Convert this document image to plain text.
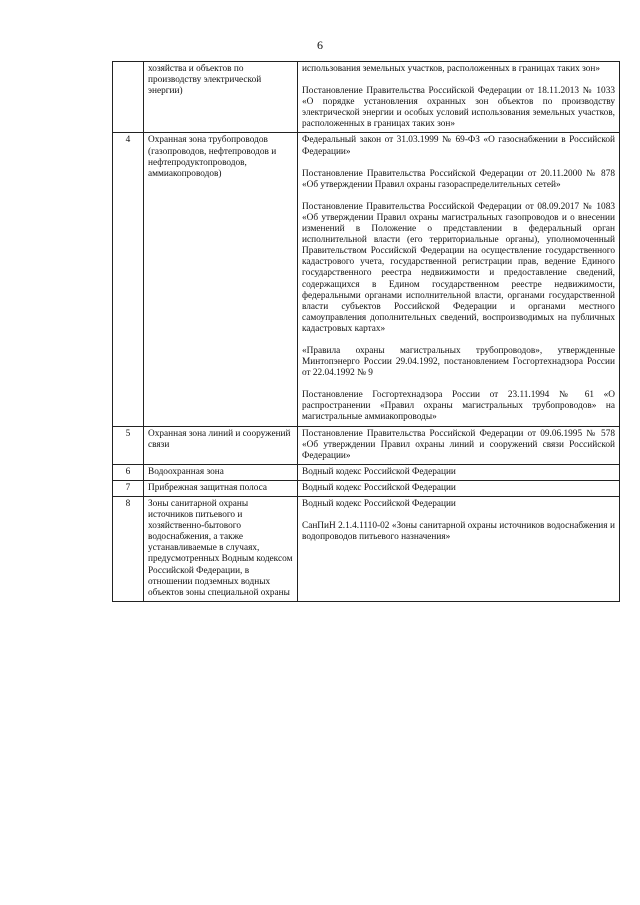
6
	хозяйства и объектов по производству электрической энергии)	использования земельных участков, расположенных в границах таких зон»
Постановление Правительства Российской Федерации от 18.11.2013 № 1033 «О порядке установления охранных зон объектов по производству электрической энергии и особых условий использования земельных участков, расположенных в границах таких зон»

4	Охранная зона трубопроводов (газопроводов, нефтепроводов и нефтепродуктопроводов, аммиакопроводов)	Федеральный закон от 31.03.1999 № 69-ФЗ «О газоснабжении в Российской Федерации»
Постановление Правительства Российской Федерации от 20.11.2000 № 878 «Об утверждении Правил охраны газораспределительных сетей»
Постановление Правительства Российской Федерации от 08.09.2017 № 1083 «Об утверждении Правил охраны магистральных газопроводов и о внесении изменений в Положение о представлении в федеральный орган исполнительной власти (его территориальные органы), уполномоченный Правительством Российской Федерации на осуществление государственного кадастрового учета, государственной регистрации прав, ведение Единого государственного реестра недвижимости и предоставление сведений, содержащихся в Едином государственном реестре недвижимости, федеральными органами исполнительной власти, органами государственной власти субъектов Российской Федерации и органами местного самоуправления дополнительных сведений, воспроизводимых на публичных кадастровых картах»
«Правила охраны магистральных трубопроводов», утвержденные Минтопэнерго России 29.04.1992, постановлением Госгортехнадзора России от 22.04.1992 № 9
Постановление Госгортехнадзора России от 23.11.1994 № 61 «О распространении «Правил охраны магистральных трубопроводов» на магистральные аммиакопроводы»

5	Охранная зона линий и сооружений связи	Постановление Правительства Российской Федерации от 09.06.1995 № 578 «Об утверждении Правил охраны линий и сооружений связи Российской Федерации»

6	Водоохранная зона	Водный кодекс Российской Федерации

7	Прибрежная защитная полоса	Водный кодекс Российской Федерации

8	Зоны санитарной охраны источников питьевого и хозяйственно-бытового водоснабжения, а также устанавливаемые в случаях, предусмотренных Водным кодексом Российской Федерации, в отношении подземных водных объектов зоны специальной охраны	Водный кодекс Российской Федерации
СанПиН 2.1.4.1110-02 «Зоны санитарной охраны источников водоснабжения и водопроводов питьевого назначения»
